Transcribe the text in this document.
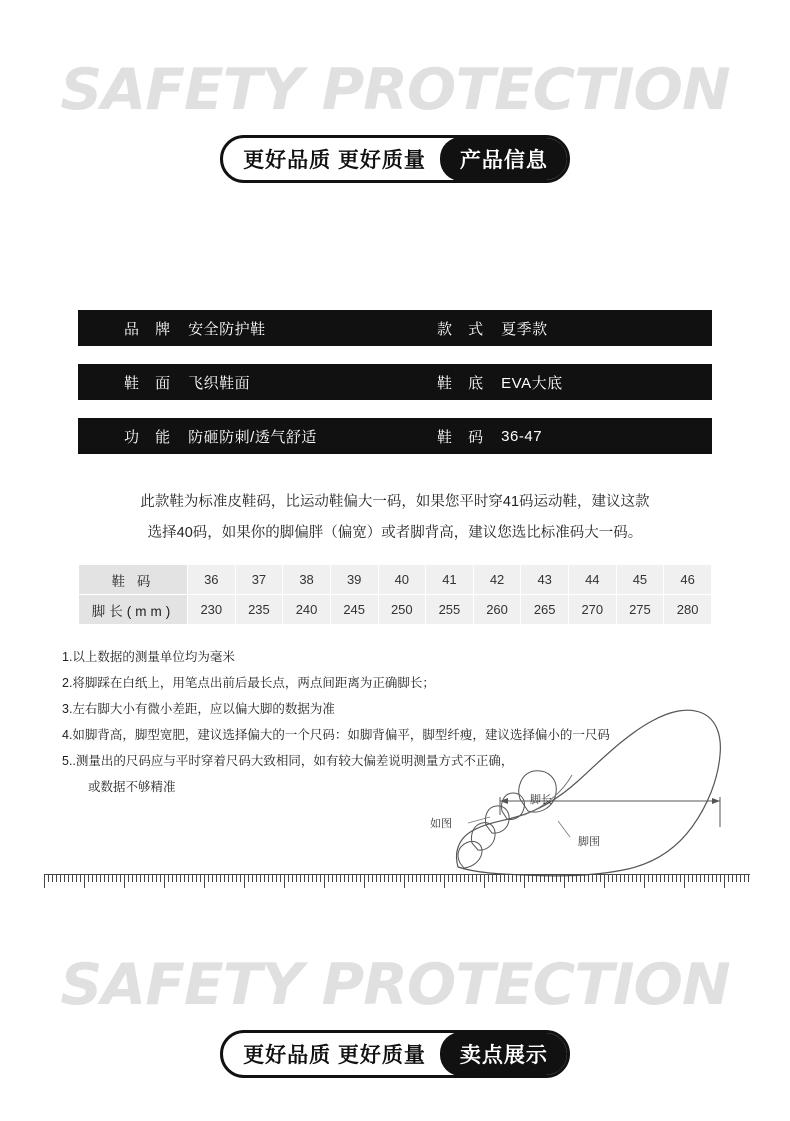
SAFETY PROTECTION
更好品质 更好质量	产品信息
品 牌 安全防护鞋	款 式 夏季款
鞋 面 飞织鞋面	鞋 底 EVA大底
功 能 防砸防刺/透气舒适	鞋 码 36-47
此款鞋为标准皮鞋码，比运动鞋偏大一码，如果您平时穿41码运动鞋，建议这款
选择40码，如果你的脚偏胖（偏宽）或者脚背高，建议您选比标准码大一码。
鞋 码	36	37	38	39	40	41	42	43	44	45	46
脚长(mm)	230	235	240	245	250	255	260	265	270	275	280
1.以上数据的测量单位均为毫米
2.将脚踩在白纸上，用笔点出前后最长点，两点间距离为正确脚长；
3.左右脚大小有微小差距，应以偏大脚的数据为准
4.如脚背高，脚型宽肥，建议选择偏大的一个尺码：如脚背偏平，脚型纤瘦，建议选择偏小的一尺码
5..测量出的尺码应与平时穿着尺码大致相同，如有较大偏差说明测量方式不正确，
或数据不够精准
如图
脚长
脚围
SAFETY PROTECTION
更好品质 更好质量	卖点展示
